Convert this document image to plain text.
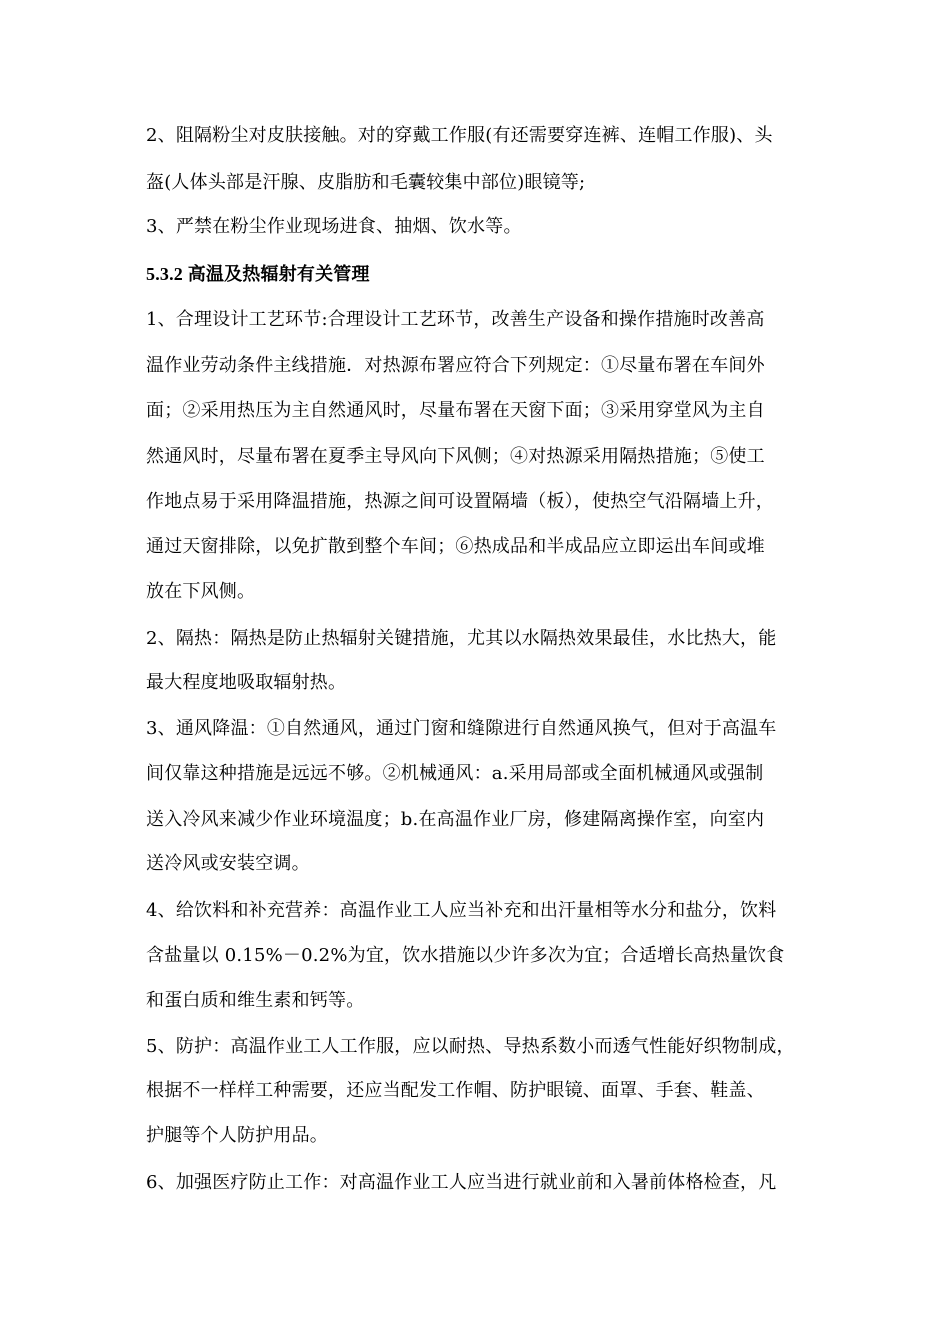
2、阻隔粉尘对皮肤接触。对的穿戴工作服(有还需要穿连裤、连帽工作服)、头
盔(人体头部是汗腺、皮脂肪和毛囊较集中部位)眼镜等;
3、严禁在粉尘作业现场进食、抽烟、饮水等。
5.3.2 高温及热辐射有关管理
1、合理设计工艺环节:合理设计工艺环节，改善生产设备和操作措施时改善高
温作业劳动条件主线措施．对热源布署应符合下列规定：①尽量布署在车间外
面；②采用热压为主自然通风时，尽量布署在天窗下面；③采用穿堂风为主自
然通风时，尽量布署在夏季主导风向下风侧；④对热源采用隔热措施；⑤使工
作地点易于采用降温措施，热源之间可设置隔墙（板），使热空气沿隔墙上升，
通过天窗排除，以免扩散到整个车间；⑥热成品和半成品应立即运出车间或堆
放在下风侧。
2、隔热：隔热是防止热辐射关键措施，尤其以水隔热效果最佳，水比热大，能
最大程度地吸取辐射热。
3、通风降温：①自然通风，通过门窗和缝隙进行自然通风换气，但对于高温车
间仅靠这种措施是远远不够。②机械通风：a.采用局部或全面机械通风或强制
送入冷风来减少作业环境温度；b.在高温作业厂房，修建隔离操作室，向室内
送冷风或安装空调。
4、给饮料和补充营养：高温作业工人应当补充和出汗量相等水分和盐分，饮料
含盐量以 0.15%－0.2%为宜，饮水措施以少许多次为宜；合适增长高热量饮食
和蛋白质和维生素和钙等。
5、防护：高温作业工人工作服，应以耐热、导热系数小而透气性能好织物制成，
根据不一样样工种需要，还应当配发工作帽、防护眼镜、面罩、手套、鞋盖、
护腿等个人防护用品。
6、加强医疗防止工作：对高温作业工人应当进行就业前和入暑前体格检查，凡
